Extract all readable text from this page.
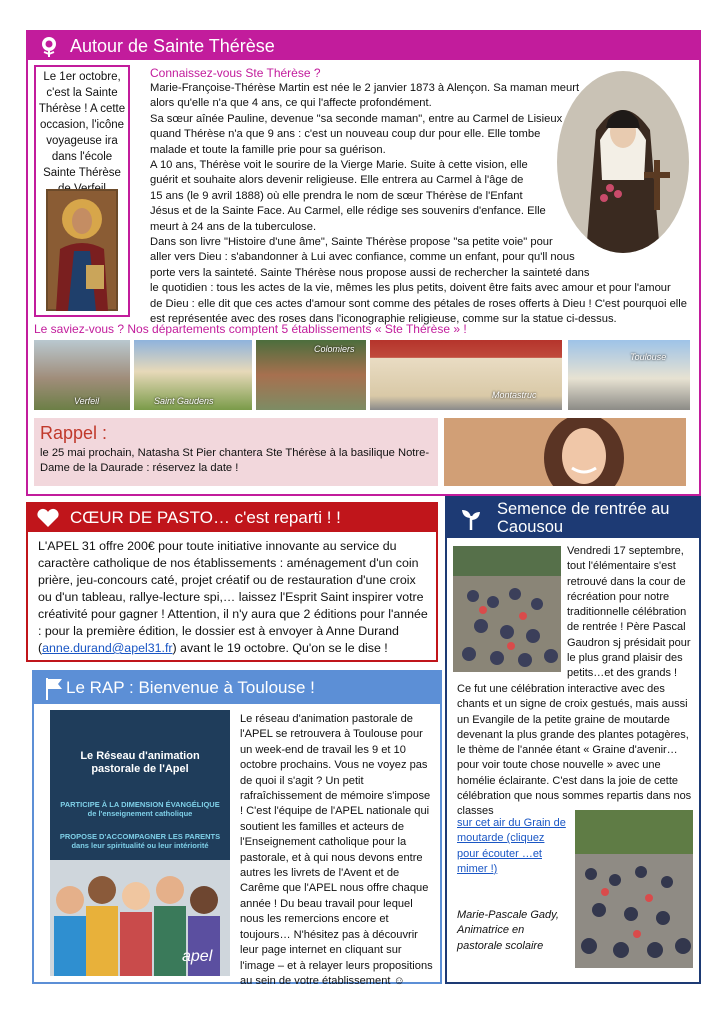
Autour de Sainte Thérèse
Le 1er octobre, c'est la Sainte Thérèse ! A cette occasion, l'icône voyageuse ira dans l'école Sainte Thérèse
Connaissez-vous Ste Thérèse ?

Marie-Françoise-Thérèse Martin est née le 2 janvier 1873 à Alençon. Sa maman meurt

alors qu'elle n'a que 4 ans, ce qui l'affecte profondément.

Sa sœur aînée Pauline, devenue "sa seconde maman", entre au Carmel de Lisieux

quand Thérèse n'a que 9 ans : c'est un nouveau coup dur pour elle. Elle tombe

malade et toute la famille prie pour sa guérison.

A 10 ans, Thérèse voit le sourire de la Vierge Marie. Suite à cette vision, elle

guérit et souhaite alors devenir religieuse. Elle entrera au Carmel à l'âge de

15 ans (le 9 avril 1888) où elle prendra le nom de sœur Thérèse de l'Enfant

Jésus et de la Sainte Face. Au Carmel, elle rédige ses souvenirs d'enfance. Elle

meurt à 24 ans de la tuberculose.

Dans son livre "Histoire d'une âme", Sainte Thérèse propose "sa petite voie" pour

aller vers Dieu : s'abandonner à Lui avec confiance, comme un enfant, pour qu'll nous

porte vers la sainteté. Sainte Thérèse nous propose aussi de rechercher la sainteté dans

le quotidien : tous les actes de la vie, mêmes les plus petits, doivent être faits avec amour et pour l'amour

de Dieu : elle dit que ces actes d'amour sont comme des pétales de roses offerts à Dieu ! C'est pourquoi elle

est représentée avec des roses dans l'iconographie religieuse, comme sur la statue ci-dessus.

Le saviez-vous ? Nos départements comptent 5 établissements « Ste Thérèse » !
Verfeil	Saint Gaudens
Colomiers
Montastruc
Toulouse
Rappel :
le 25 mai prochain, Natasha St Pier chantera Ste Thérèse à la basilique Notre-Dame de la Daurade : réservez la date !
CŒUR DE PASTO… c'est reparti ! !
L'APEL 31 offre 200€ pour toute initiative innovante au service du caractère catholique de nos établissements : aménagement d'un coin prière, jeu-concours caté, projet créatif ou de restauration d'une croix ou d'un tableau, rallye-lecture spi,… laissez l'Esprit Saint inspirer votre créativité pour gagner ! Attention, il n'y aura que 2 éditions pour l'année : pour la première édition, le dossier est à envoyer à Anne Durand (anne.durand@apel31.fr) avant le 19 octobre. Qu'on se le dise !
Semence de rentrée au Caousou
Vendredi 17 septembre, tout l'élémentaire s'est retrouvé dans la cour de récréation pour notre traditionnelle célébration de rentrée ! Père Pascal Gaudron sj présidait pour le plus grand plaisir des petits…et des grands !
Ce fut une célébration interactive avec des chants et un signe de croix gestués, mais aussi un Evangile de la petite graine de moutarde devenant la plus grande des plantes potagères, le thème de l'année étant « Graine d'avenir…pour voir toute chose nouvelle » avec une homélie éclairante. C'est dans la joie de cette célébration que nous sommes repartis dans nos classes
sur cet air du Grain de moutarde (cliquez pour écouter …et mimer !)
Marie-Pascale Gady, Animatrice en pastorale scolaire
Le RAP : Bienvenue à Toulouse !
Le Réseau d'animation pastorale de l'Apel
PARTICIPE À LA DIMENSION ÉVANGÉLIQUE de l'enseignement catholique
PROPOSE D'ACCOMPAGNER LES PARENTS dans leur spiritualité ou leur intériorité
apel
Le réseau d'animation pastorale de l'APEL se retrouvera à Toulouse pour un week-end de travail les 9 et 10 octobre prochains. Vous ne voyez pas de quoi il s'agit ? Un petit rafraîchissement de mémoire s'impose ! C'est l'équipe de l'APEL nationale qui soutient les familles et acteurs de l'Enseignement catholique pour la pastorale, et à qui nous devons entre autres les livrets de l'Avent et de Carême que l'APEL nous offre chaque année ! Du beau travail pour lequel nous les remercions encore et toujours… N'hésitez pas à découvrir leur page internet en cliquant sur l'image – et à relayer leurs propositions au sein de votre établissement ☺
